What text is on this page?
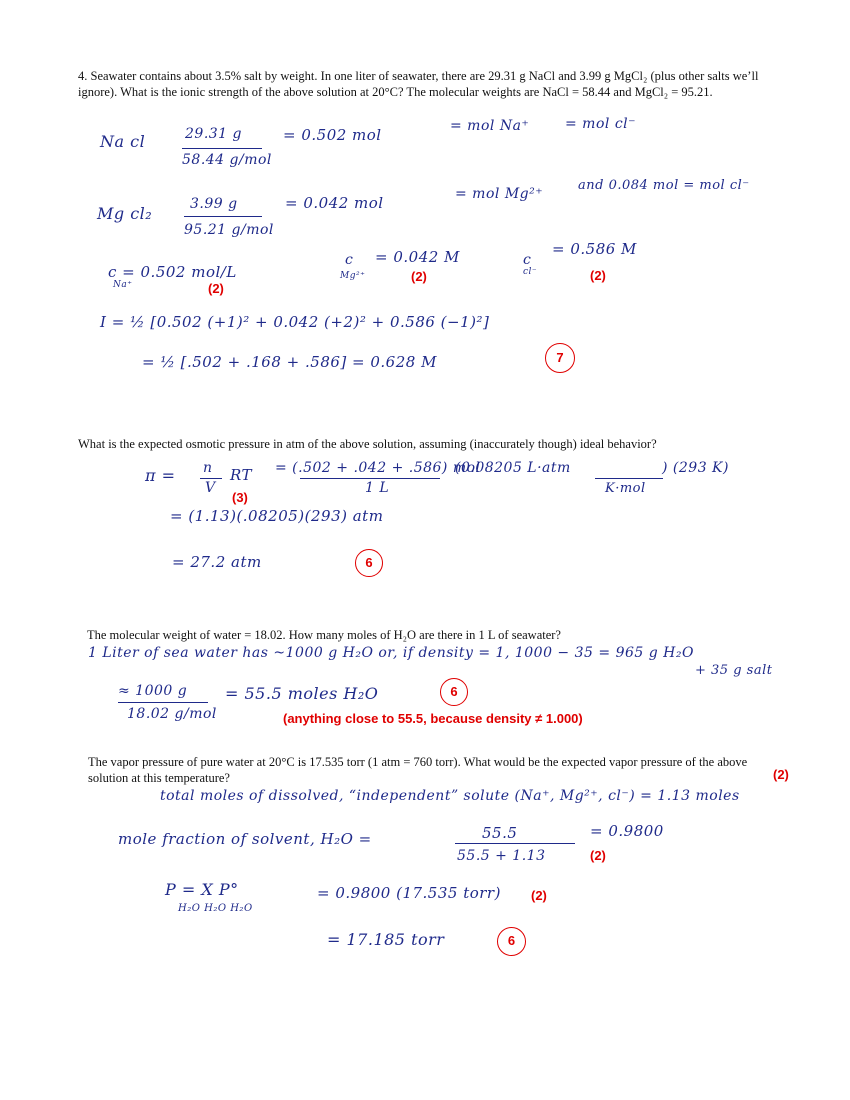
4. Seawater contains about 3.5% salt by weight. In one liter of seawater, there are 29.31 g NaCl and 3.99 g MgCl₂ (plus other salts we’ll ignore). What is the ionic strength of the above solution at 20°C? The molecular weights are NaCl = 58.44 and MgCl₂ = 95.21.
Na cl	29.31 g
58.44 g/mol
= 0.502 mol	= mol Na⁺	= mol cl⁻
Mg cl₂	3.99 g
95.21 g/mol
= 0.042 mol	= mol Mg²⁺
and 0.084 mol = mol cl⁻
c = 0.502 mol/L
Na⁺
c
Mg²⁺
= 0.042 M	c
cl⁻
= 0.586 M
(2)
(2)	(2)
I = ½ [0.502 (+1)² + 0.042 (+2)² + 0.586 (−1)²]
= ½ [.502 + .168 + .586] = 0.628 M	7
What is the expected osmotic pressure in atm of the above solution, assuming (inaccurately though) ideal behavior?
π = n
V
RT = (.502 + .042 + .586) mol
1 L
(0.08205 L·atm
K·mol
) (293 K)
(3)
= (1.13)(.08205)(293) atm
= 27.2 atm	6
The molecular weight of water = 18.02. How many moles of H₂O are there in 1 L of seawater?
1 Liter of sea water has ~1000 g H₂O or, if density = 1, 1000 − 35 = 965 g H₂O
+ 35 g salt
≈ 1000 g
18.02 g/mol
= 55.5 moles H₂O	6
(anything close to 55.5, because density ≠ 1.000)
The vapor pressure of pure water at 20°C is 17.535 torr (1 atm = 760 torr). What would be the expected vapor pressure of the above solution at this temperature?	(2)
total moles of dissolved, “independent” solute (Na⁺, Mg²⁺, cl⁻) = 1.13 moles
mole fraction of solvent, H₂O =	55.5
55.5 + 1.13
= 0.9800
(2)
P = X P°
H₂O H₂O H₂O
= 0.9800 (17.535 torr) (2)
= 17.185 torr	6
